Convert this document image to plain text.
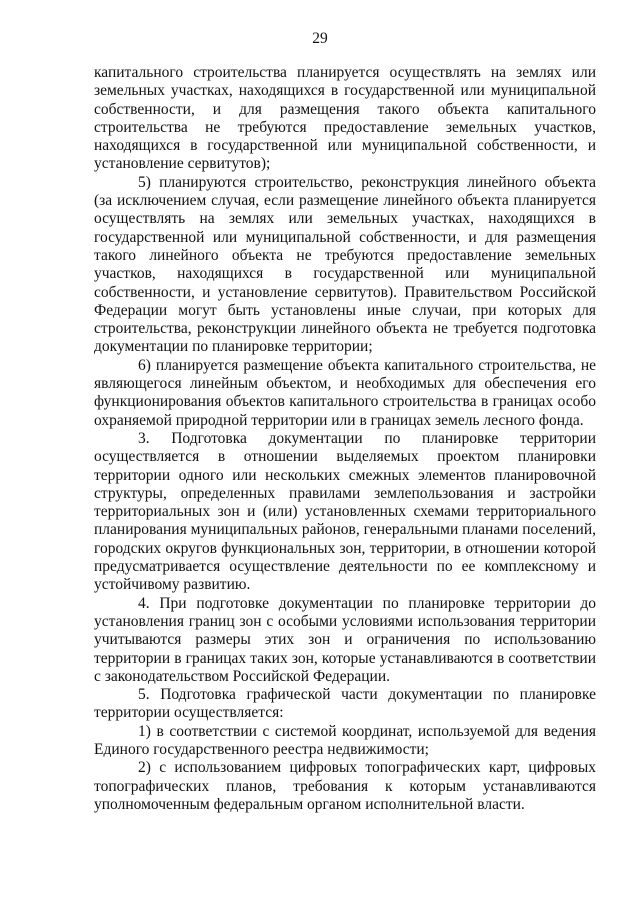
29

капитального строительства планируется осуществлять на землях или земельных участках, находящихся в государственной или муниципальной собственности, и для размещения такого объекта капитального строительства не требуются предоставление земельных участков, находящихся в государственной или муниципальной собственности, и установление сервитутов);

5) планируются строительство, реконструкция линейного объекта (за исключением случая, если размещение линейного объекта планируется осуществлять на землях или земельных участках, находящихся в государственной или муниципальной собственности, и для размещения такого линейного объекта не требуются предоставление земельных участков, находящихся в государственной или муниципальной собственности, и установление сервитутов). Правительством Российской Федерации могут быть установлены иные случаи, при которых для строительства, реконструкции линейного объекта не требуется подготовка документации по планировке территории;

6) планируется размещение объекта капитального строительства, не являющегося линейным объектом, и необходимых для обеспечения его функционирования объектов капитального строительства в границах особо охраняемой природной территории или в границах земель лесного фонда.

3. Подготовка документации по планировке территории осуществляется в отношении выделяемых проектом планировки территории одного или нескольких смежных элементов планировочной структуры, определенных правилами землепользования и застройки территориальных зон и (или) установленных схемами территориального планирования муниципальных районов, генеральными планами поселений, городских округов функциональных зон, территории, в отношении которой предусматривается осуществление деятельности по ее комплексному и устойчивому развитию.

4. При подготовке документации по планировке территории до установления границ зон с особыми условиями использования территории учитываются размеры этих зон и ограничения по использованию территории в границах таких зон, которые устанавливаются в соответствии с законодательством Российской Федерации.

5. Подготовка графической части документации по планировке территории осуществляется:

1) в соответствии с системой координат, используемой для ведения Единого государственного реестра недвижимости;

2) с использованием цифровых топографических карт, цифровых топографических планов, требования к которым устанавливаются уполномоченным федеральным органом исполнительной власти.
